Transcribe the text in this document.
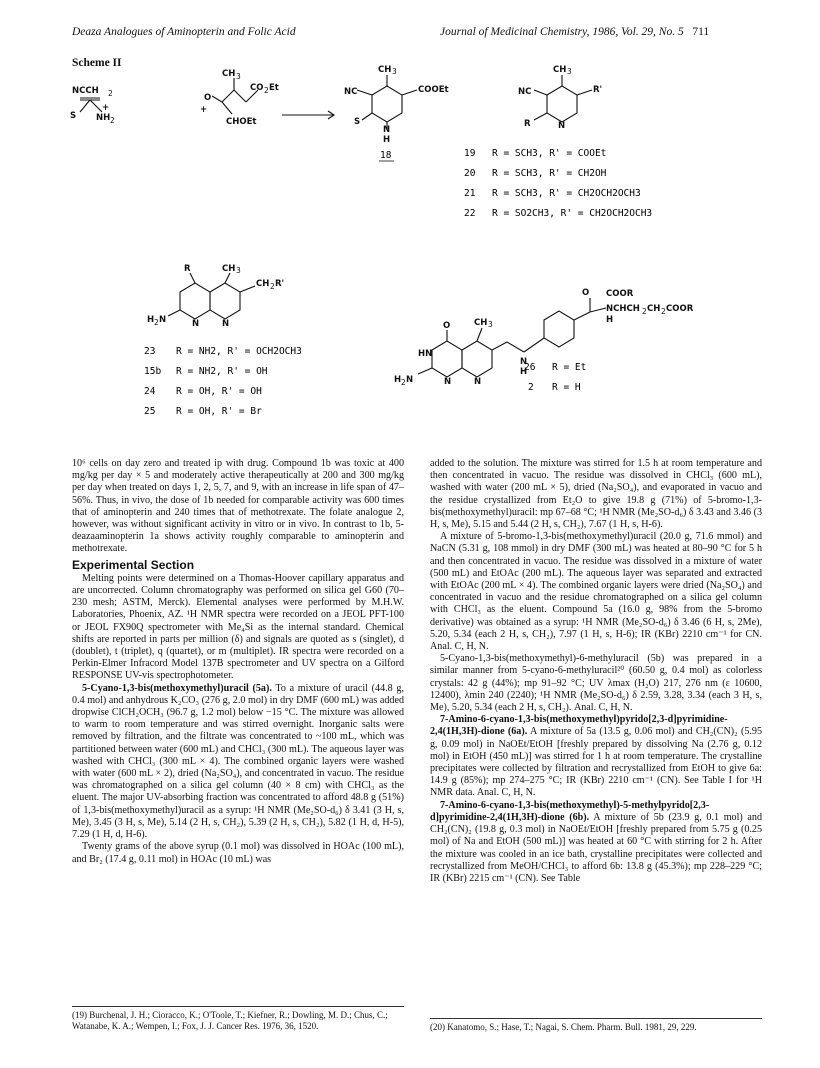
Deaza Analogues of Aminopterin and Folic Acid	Journal of Medicinal Chemistry, 1986, Vol. 29, No. 5 711
Scheme II
NCCH 2
+
S NH 2
+
CH 3
CO 2 Et
O
CHOEt
NC
CH 3
COOEt
S
N
H
NC
CH 3
R'
R	N
R	CH 3
CH 2 R'
H 2 N	N	N	O	CH 3
HN
H 2 N	N	N
N
H
O COOR
NCHCH 2 CH 2 COOR
H
18	19 R = SCH3, R' = COOEt
20 R = SCH3, R' = CH2OH
21 R = SCH3, R' = CH2OCH2OCH3
22 R = SO2CH3, R' = CH2OCH2OCH3
23 R = NH2, R' = OCH2OCH3
15b R = NH2, R' = OH
24 R = OH, R' = OH
25 R = OH, R' = Br
26 R = Et
2 R = H

10⁶ cells on day zero and treated ip with drug. Compound 1b was toxic at 400 mg/kg per day × 5 and moderately active therapeutically at 200 and 300 mg/kg per day when treated on days 1, 2, 5, 7, and 9, with an increase in life span of 47–56%. Thus, in vivo, the dose of 1b needed for comparable activity was 600 times that of aminopterin and 240 times that of methotrexate. The folate analogue 2, however, was without significant activity in vitro or in vivo. In contrast to 1b, 5-deazaaminopterin 1a shows activity roughly comparable to aminopterin and methotrexate.

Experimental Section

Melting points were determined on a Thomas-Hoover capillary apparatus and are uncorrected. Column chromatography was performed on silica gel G60 (70–230 mesh; ASTM, Merck). Elemental analyses were performed by M.H.W. Laboratories, Phoenix, AZ. ¹H NMR spectra were recorded on a JEOL PFT-100 or JEOL FX90Q spectrometer with Me₄Si as the internal standard. Chemical shifts are reported in parts per million (δ) and signals are quoted as s (singlet), d (doublet), t (triplet), q (quartet), or m (multiplet). IR spectra were recorded on a Perkin-Elmer Infracord Model 137B spectrometer and UV spectra on a Gilford RESPONSE UV-vis spectrophotometer.

5-Cyano-1,3-bis(methoxymethyl)uracil (5a). To a mixture of uracil (44.8 g, 0.4 mol) and anhydrous K₂CO₃ (276 g, 2.0 mol) in dry DMF (600 mL) was added dropwise ClCH₂OCH₃ (96.7 g, 1.2 mol) below −15 °C. The mixture was allowed to warm to room temperature and was stirred overnight. Inorganic salts were removed by filtration, and the filtrate was concentrated to ~100 mL, which was partitioned between water (600 mL) and CHCl₃ (300 mL). The aqueous layer was washed with CHCl₃ (300 mL × 4). The combined organic layers were washed with water (600 mL × 2), dried (Na₂SO₄), and concentrated in vacuo. The residue was chromatographed on a silica gel column (40 × 8 cm) with CHCl₃ as the eluent. The major UV-absorbing fraction was concentrated to afford 48.8 g (51%) of 1,3-bis(methoxymethyl)uracil as a syrup: ¹H NMR (Me₂SO-d₆) δ 3.41 (3 H, s, Me), 3.45 (3 H, s, Me), 5.14 (2 H, s, CH₂), 5.39 (2 H, s, CH₂), 5.82 (1 H, d, H-5), 7.29 (1 H, d, H-6).

Twenty grams of the above syrup (0.1 mol) was dissolved in HOAc (100 mL), and Br₂ (17.4 g, 0.11 mol) in HOAc (10 mL) was

added to the solution. The mixture was stirred for 1.5 h at room temperature and then concentrated in vacuo. The residue was dissolved in CHCl₃ (600 mL), washed with water (200 mL × 5), dried (Na₂SO₄), and evaporated in vacuo and the residue crystallized from Et₂O to give 19.8 g (71%) of 5-bromo-1,3-bis(methoxymethyl)uracil: mp 67–68 °C; ¹H NMR (Me₂SO-d₆) δ 3.43 and 3.46 (3 H, s, Me), 5.15 and 5.44 (2 H, s, CH₂), 7.67 (1 H, s, H-6).

A mixture of 5-bromo-1,3-bis(methoxymethyl)uracil (20.0 g, 71.6 mmol) and NaCN (5.31 g, 108 mmol) in dry DMF (300 mL) was heated at 80–90 °C for 5 h and then concentrated in vacuo. The residue was dissolved in a mixture of water (500 mL) and EtOAc (200 mL). The aqueous layer was separated and extracted with EtOAc (200 mL × 4). The combined organic layers were dried (Na₂SO₄) and concentrated in vacuo and the residue chromatographed on a silica gel column with CHCl₃ as the eluent. Compound 5a (16.0 g, 98% from the 5-bromo derivative) was obtained as a syrup: ¹H NMR (Me₂SO-d₆) δ 3.46 (6 H, s, 2Me), 5.20, 5.34 (each 2 H, s, CH₂), 7.97 (1 H, s, H-6); IR (KBr) 2210 cm⁻¹ for CN. Anal. C, H, N.

5-Cyano-1,3-bis(methoxymethyl)-6-methyluracil (5b) was prepared in a similar manner from 5-cyano-6-methyluracil²⁰ (60.50 g, 0.4 mol) as colorless crystals: 42 g (44%); mp 91–92 °C; UV λmax (H₂O) 217, 276 nm (ε 10600, 12400), λmin 240 (2240); ¹H NMR (Me₂SO-d₆) δ 2.59, 3.28, 3.34 (each 3 H, s, Me), 5.20, 5.34 (each 2 H, s, CH₂). Anal. C, H, N.

7-Amino-6-cyano-1,3-bis(methoxymethyl)pyrido[2,3-d]pyrimidine-2,4(1H,3H)-dione (6a). A mixture of 5a (13.5 g, 0.06 mol) and CH₂(CN)₂ (5.95 g, 0.09 mol) in NaOEt/EtOH [freshly prepared by dissolving Na (2.76 g, 0.12 mol) in EtOH (450 mL)] was stirred for 1 h at room temperature. The crystalline precipitates were collected by filtration and recrystallized from EtOH to give 6a: 14.9 g (85%); mp 274–275 °C; IR (KBr) 2210 cm⁻¹ (CN). See Table I for ¹H NMR data. Anal. C, H, N.

7-Amino-6-cyano-1,3-bis(methoxymethyl)-5-methylpyrido[2,3-d]pyrimidine-2,4(1H,3H)-dione (6b). A mixture of 5b (23.9 g, 0.1 mol) and CH₂(CN)₂ (19.8 g, 0.3 mol) in NaOEt/EtOH [freshly prepared from 5.75 g (0.25 mol) of Na and EtOH (500 mL)] was heated at 60 °C with stirring for 2 h. After the mixture was cooled in an ice bath, crystalline precipitates were collected and recrystallized from MeOH/CHCl₃ to afford 6b: 13.8 g (45.3%); mp 228–229 °C; IR (KBr) 2215 cm⁻¹ (CN). See Table

(19) Burchenal, J. H.; Cioracco, K.; O'Toole, T.; Kiefner, R.; Dowling, M. D.; Chus, C.; Watanabe, K. A.; Wempen, I.; Fox, J. J. Cancer Res. 1976, 36, 1520.	(20) Kanatomo, S.; Hase, T.; Nagai, S. Chem. Pharm. Bull. 1981, 29, 229.
